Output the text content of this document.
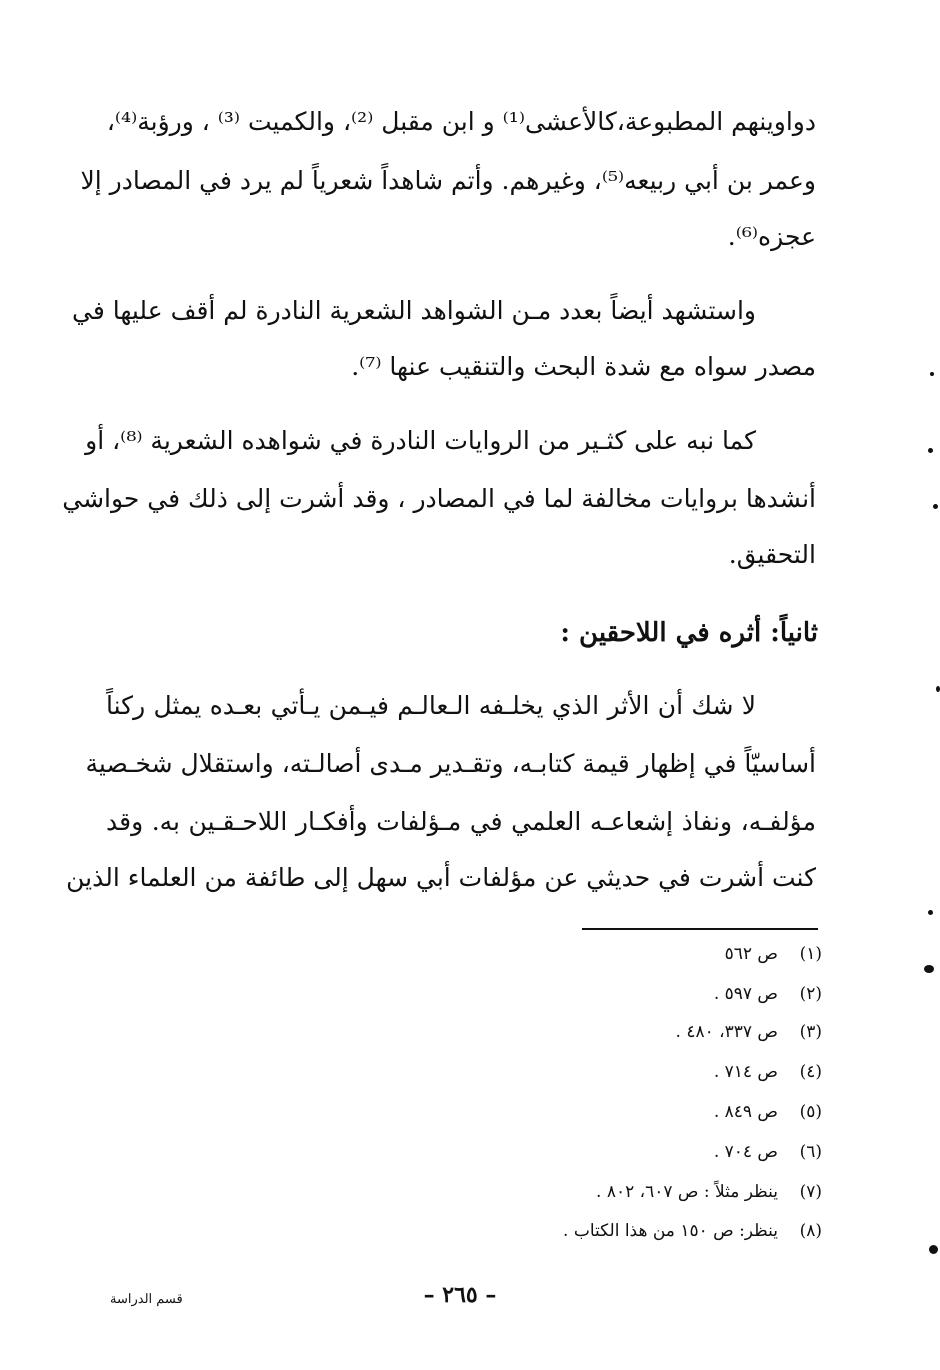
دواوينهم المطبوعة،كالأعشى⁽¹⁾ و ابن مقبل ⁽²⁾، والكميت ⁽³⁾ ، ورؤبة⁽⁴⁾،
وعمر بن أبي ربيعه⁽⁵⁾، وغيرهم. وأتم شاهداً شعرياً لم يرد في المصادر إلا
عجزه⁽⁶⁾.
واستشهد أيضاً بعدد مـن الشواهد الشعرية النادرة لم أقف عليها في
مصدر سواه مع شدة البحث والتنقيب عنها ⁽⁷⁾.
كما نبه على كثـير من الروايات النادرة في شواهده الشعرية ⁽⁸⁾، أو
أنشدها بروايات مخالفة لما في المصادر ، وقد أشرت إلى ذلك في حواشي
التحقيق.
ثانياً: أثره في اللاحقين :
لا شك أن الأثر الذي يخلـفه الـعالـم فيـمن يـأتي بعـده يمثل ركناً
أساسيّاً في إظهار قيمة كتابـه، وتقـدير مـدى أصالـته، واستقلال شخـصية
مؤلفـه، ونفاذ إشعاعـه العلمي في مـؤلفات وأفكـار اللاحـقـين به. وقد
كنت أشرت في حديثي عن مؤلفات أبي سهل إلى طائفة من العلماء الذين
(١)
ص ٥٦٢
(٢)
ص ٥٩٧ .
(٣)
ص ٣٣٧، ٤٨٠ .
(٤)
ص ٧١٤ .
(٥)
ص ٨٤٩ .
(٦)
ص ٧٠٤ .
(٧)
ينظر مثلاً : ص ٦٠٧، ٨٠٢ .
(٨)
ينظر: ص ١٥٠ من هذا الكتاب .
– ٢٦٥ –
قسم الدراسة
